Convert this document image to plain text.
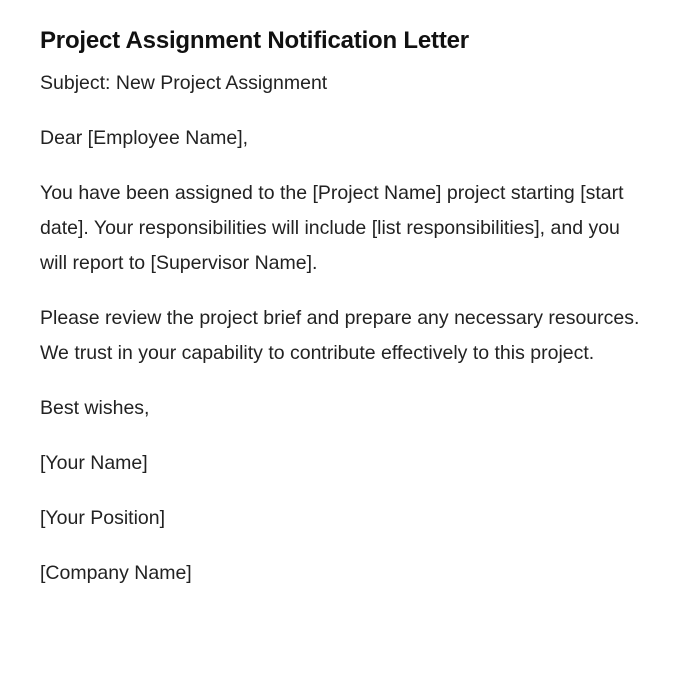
Project Assignment Notification Letter

Subject: New Project Assignment

Dear [Employee Name],

You have been assigned to the [Project Name] project starting [start date]. Your responsibilities will include [list responsibilities], and you will report to [Supervisor Name].

Please review the project brief and prepare any necessary resources. We trust in your capability to contribute effectively to this project.

Best wishes,

[Your Name]

[Your Position]

[Company Name]
